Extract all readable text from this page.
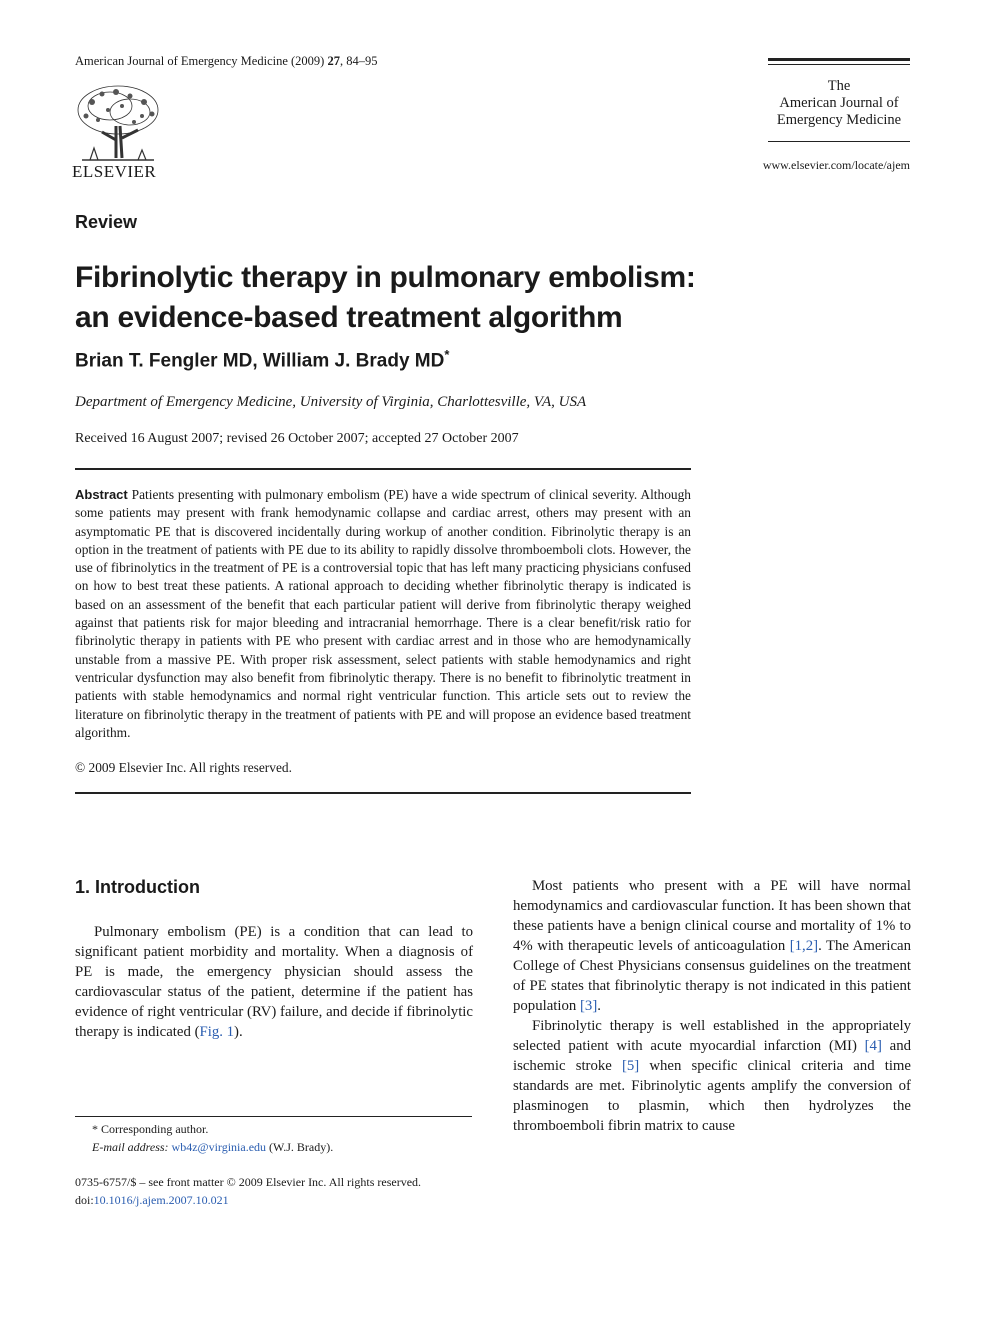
American Journal of Emergency Medicine (2009) 27, 84–95
ELSEVIER
The
American Journal of
Emergency Medicine
www.elsevier.com/locate/ajem
Review
Fibrinolytic therapy in pulmonary embolism:
an evidence-based treatment algorithm
Brian T. Fengler MD, William J. Brady MD*
Department of Emergency Medicine, University of Virginia, Charlottesville, VA, USA
Received 16 August 2007; revised 26 October 2007; accepted 27 October 2007
Abstract Patients presenting with pulmonary embolism (PE) have a wide spectrum of clinical severity. Although some patients may present with frank hemodynamic collapse and cardiac arrest, others may present with an asymptomatic PE that is discovered incidentally during workup of another condition. Fibrinolytic therapy is an option in the treatment of patients with PE due to its ability to rapidly dissolve thromboemboli clots. However, the use of fibrinolytics in the treatment of PE is a controversial topic that has left many practicing physicians confused on how to best treat these patients. A rational approach to deciding whether fibrinolytic therapy is indicated is based on an assessment of the benefit that each particular patient will derive from fibrinolytic therapy weighed against that patients risk for major bleeding and intracranial hemorrhage. There is a clear benefit/risk ratio for fibrinolytic therapy in patients with PE who present with cardiac arrest and in those who are hemodynamically unstable from a massive PE. With proper risk assessment, select patients with stable hemodynamics and right ventricular dysfunction may also benefit from fibrinolytic therapy. There is no benefit to fibrinolytic treatment in patients with stable hemodynamics and normal right ventricular function. This article sets out to review the literature on fibrinolytic therapy in the treatment of patients with PE and will propose an evidence based treatment algorithm.
© 2009 Elsevier Inc. All rights reserved.
1. Introduction

Pulmonary embolism (PE) is a condition that can lead to significant patient morbidity and mortality. When a diagnosis of PE is made, the emergency physician should assess the cardiovascular status of the patient, determine if the patient has evidence of right ventricular (RV) failure, and decide if fibrinolytic therapy is indicated (Fig. 1).

Most patients who present with a PE will have normal hemodynamics and cardiovascular function. It has been shown that these patients have a benign clinical course and mortality of 1% to 4% with therapeutic levels of anticoagulation [1,2]. The American College of Chest Physicians consensus guidelines on the treatment of PE states that fibrinolytic therapy is not indicated in this patient population [3].

Fibrinolytic therapy is well established in the appropriately selected patient with acute myocardial infarction (MI) [4] and ischemic stroke [5] when specific clinical criteria and time standards are met. Fibrinolytic agents amplify the conversion of plasminogen to plasmin, which then hydrolyzes the thromboemboli fibrin matrix to cause

* Corresponding author.
E-mail address: wb4z@virginia.edu (W.J. Brady).
0735-6757/$ – see front matter © 2009 Elsevier Inc. All rights reserved.
doi:10.1016/j.ajem.2007.10.021
